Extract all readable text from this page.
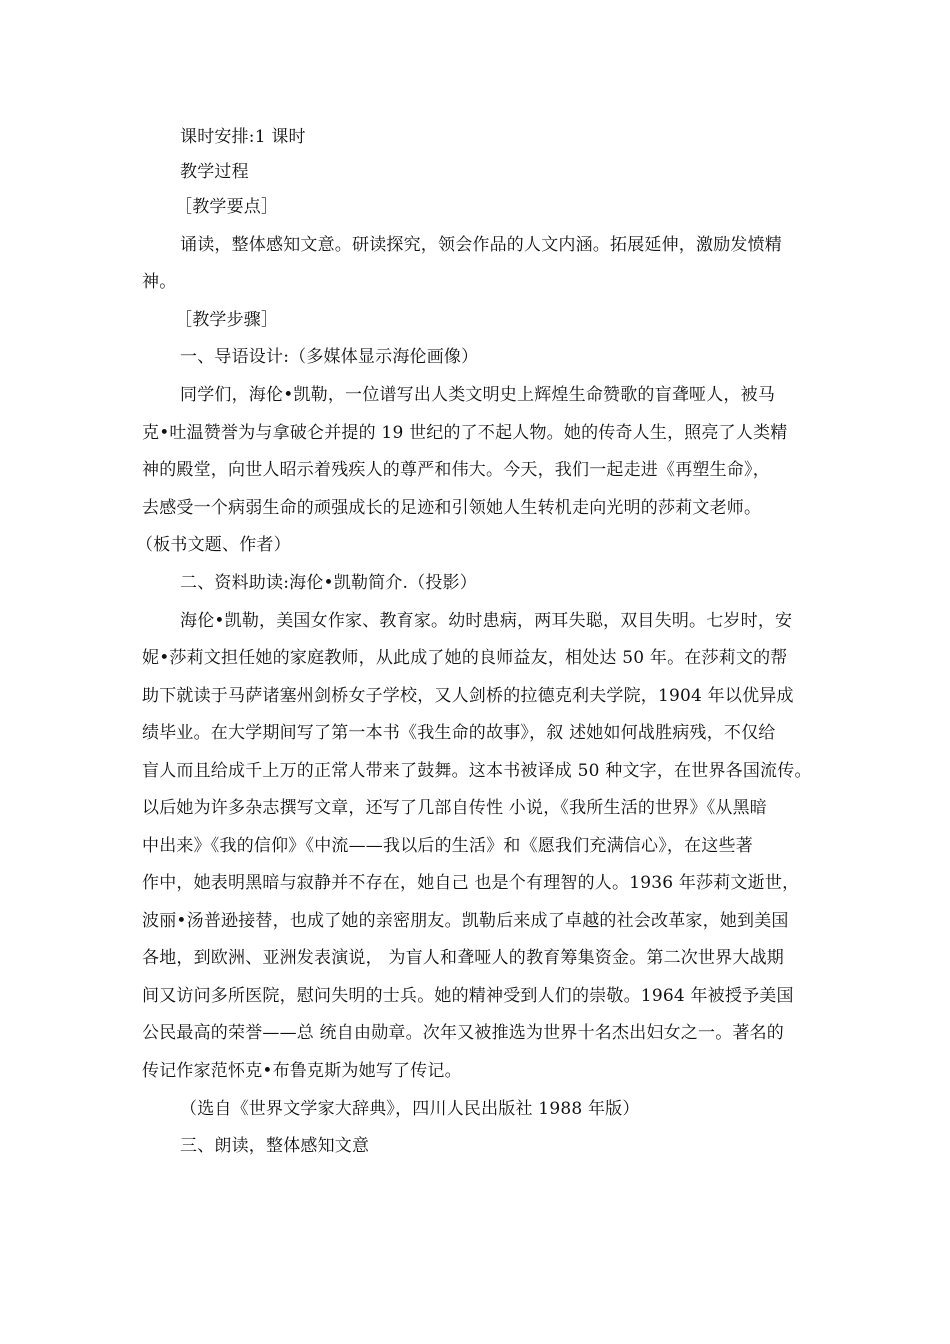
课时安排:1 课时
教学过程
［教学要点］
诵读，整体感知文意。研读探究，领会作品的人文内涵。拓展延伸，激励发愤精
神。
［教学步骤］
一、导语设计:（多媒体显示海伦画像）
同学们，海伦•凯勒，一位谱写出人类文明史上辉煌生命赞歌的盲聋哑人，被马
克•吐温赞誉为与拿破仑并提的 19 世纪的了不起人物。她的传奇人生，照亮了人类精
神的殿堂，向世人昭示着残疾人的尊严和伟大。今天，我们一起走进《再塑生命》，
去感受一个病弱生命的顽强成长的足迹和引领她人生转机走向光明的莎莉文老师。
（板书文题、作者）
二、资料助读:海伦•凯勒简介.（投影）
海伦•凯勒，美国女作家、教育家。幼时患病，两耳失聪，双目失明。七岁时，安
妮•莎莉文担任她的家庭教师，从此成了她的良师益友，相处达 50 年。在莎莉文的帮
助下就读于马萨诸塞州剑桥女子学校，又人剑桥的拉德克利夫学院，1904 年以优异成
绩毕业。在大学期间写了第一本书《我生命的故事》，叙 述她如何战胜病残，不仅给
盲人而且给成千上万的正常人带来了鼓舞。这本书被译成 50 种文字，在世界各国流传。
以后她为许多杂志撰写文章，还写了几部自传性 小说，《我所生活的世界》《从黑暗
中出来》《我的信仰》《中流——我以后的生活》和《愿我们充满信心》，在这些著
作中，她表明黑暗与寂静并不存在，她自己 也是个有理智的人。1936 年莎莉文逝世，
波丽•汤普逊接替，也成了她的亲密朋友。凯勒后来成了卓越的社会改革家，她到美国
各地，到欧洲、亚洲发表演说， 为盲人和聋哑人的教育筹集资金。第二次世界大战期
间又访问多所医院，慰问失明的士兵。她的精神受到人们的崇敬。1964 年被授予美国
公民最高的荣誉——总 统自由勋章。次年又被推选为世界十名杰出妇女之一。著名的
传记作家范怀克•布鲁克斯为她写了传记。
（选自《世界文学家大辞典》，四川人民出版社 1988 年版）
三、朗读，整体感知文意
